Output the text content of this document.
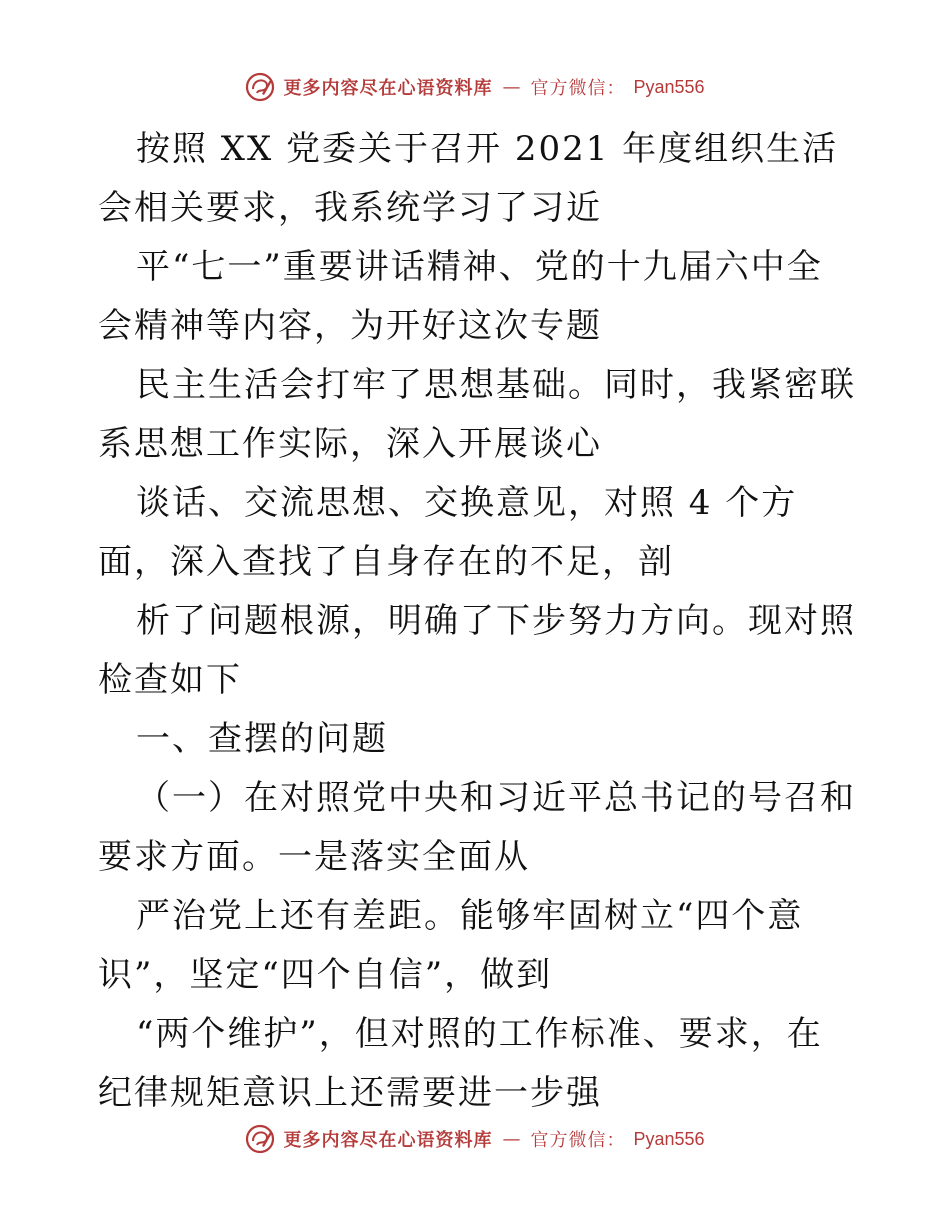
更多内容尽在心语资料库 — 官方微信： Pyan556

按照 XX 党委关于召开 2021 年度组织生活会相关要求，我系统学习了习近

平“七一”重要讲话精神、党的十九届六中全会精神等内容，为开好这次专题

民主生活会打牢了思想基础。同时，我紧密联系思想工作实际，深入开展谈心

谈话、交流思想、交换意见，对照 4 个方面，深入查找了自身存在的不足，剖

析了问题根源，明确了下步努力方向。现对照检查如下

一、查摆的问题

（一）在对照党中央和习近平总书记的号召和要求方面。一是落实全面从

严治党上还有差距。能够牢固树立“四个意识”，坚定“四个自信”，做到

“两个维护”，但对照的工作标准、要求，在纪律规矩意识上还需要进一步强

更多内容尽在心语资料库 — 官方微信： Pyan556
